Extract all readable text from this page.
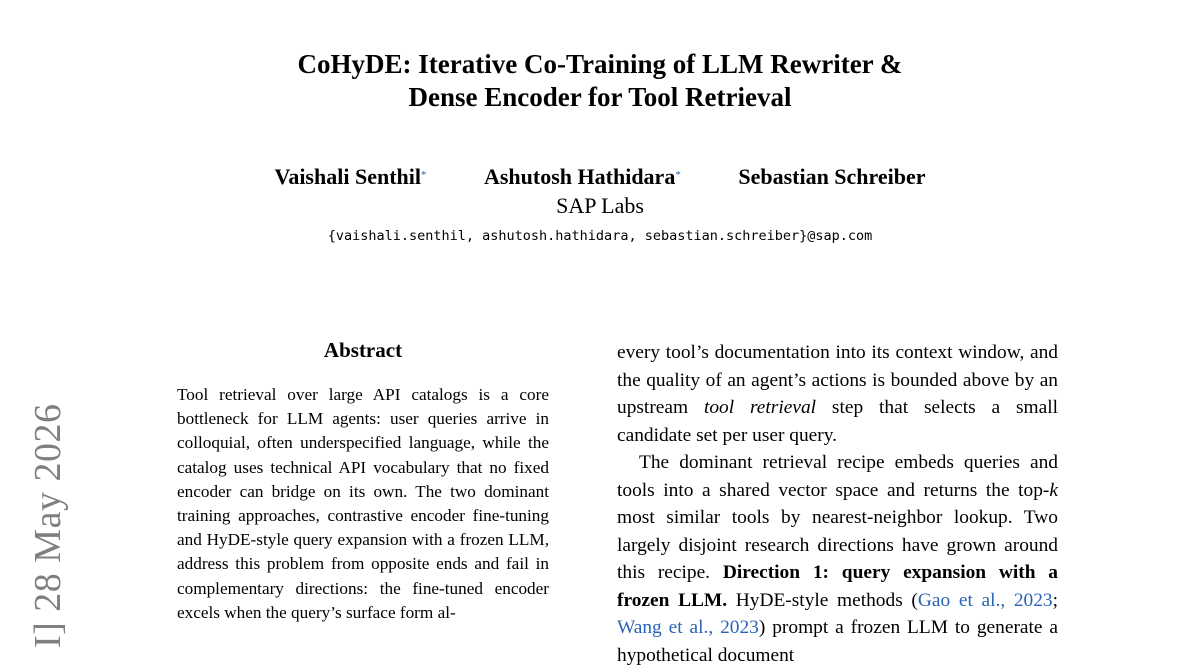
CoHyDE: Iterative Co-Training of LLM Rewriter &
Dense Encoder for Tool Retrieval
Vaishali Senthil*	Ashutosh Hathidara*	Sebastian Schreiber
SAP Labs
{vaishali.senthil, ashutosh.hathidara, sebastian.schreiber}@sap.com
I] 28 May 2026
Abstract
Tool retrieval over large API catalogs is a core bottleneck for LLM agents: user queries arrive in colloquial, often underspecified language, while the catalog uses technical API vocabulary that no fixed encoder can bridge on its own. The two dominant training approaches, contrastive encoder fine-tuning and HyDE-style query expansion with a frozen LLM, address this problem from opposite ends and fail in complementary directions: the fine-tuned encoder excels when the query’s surface form al-

every tool’s documentation into its context window, and the quality of an agent’s actions is bounded above by an upstream tool retrieval step that selects a small candidate set per user query.

The dominant retrieval recipe embeds queries and tools into a shared vector space and returns the top-k most similar tools by nearest-neighbor lookup. Two largely disjoint research directions have grown around this recipe. Direction 1: query expansion with a frozen LLM. HyDE-style methods (Gao et al., 2023; Wang et al., 2023) prompt a frozen LLM to generate a hypothetical document
